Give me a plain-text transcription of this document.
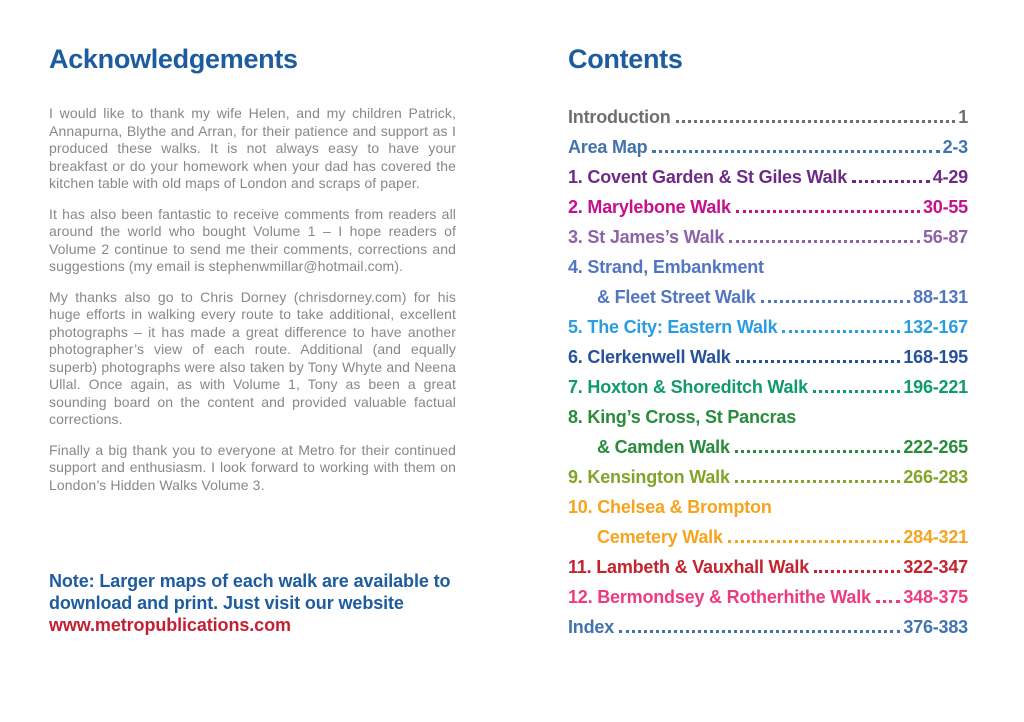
Acknowledgements

I would like to thank my wife Helen, and my children Patrick, Annapurna, Blythe and Arran, for their patience and support as I produced these walks. It is not always easy to have your breakfast or do your homework when your dad has covered the kitchen table with old maps of London and scraps of paper.

It has also been fantastic to receive comments from readers all around the world who bought Volume 1 – I hope readers of Volume 2 continue to send me their comments, corrections and suggestions (my email is stephenwmillar@hotmail.com).

My thanks also go to Chris Dorney (chrisdorney.com) for his huge efforts in walking every route to take additional, excellent photographs – it has made a great difference to have another photographer’s view of each route. Additional (and equally superb) photographs were also taken by Tony Whyte and Neena Ullal. Once again, as with Volume 1, Tony as been a great sounding board on the content and provided valuable factual corrections.

Finally a big thank you to everyone at Metro for their continued support and enthusiasm. I look forward to working with them on London’s Hidden Walks Volume 3.

Note: Larger maps of each walk are available to download and print. Just visit our website
www.metropublications.com
Contents
Introduction	1
Area Map	2-3
1. Covent Garden & St Giles Walk	4-29
2. Marylebone Walk	30-55
3. St James’s Walk	56-87
4. Strand, Embankment
& Fleet Street Walk	88-131
5. The City: Eastern Walk	132-167
6. Clerkenwell Walk	168-195
7. Hoxton & Shoreditch Walk	196-221
8. King’s Cross, St Pancras
& Camden Walk	222-265
9. Kensington Walk	266-283
10. Chelsea & Brompton
Cemetery Walk	284-321
11. Lambeth & Vauxhall Walk	322-347
12. Bermondsey & Rotherhithe Walk 348-375
Index	376-383
